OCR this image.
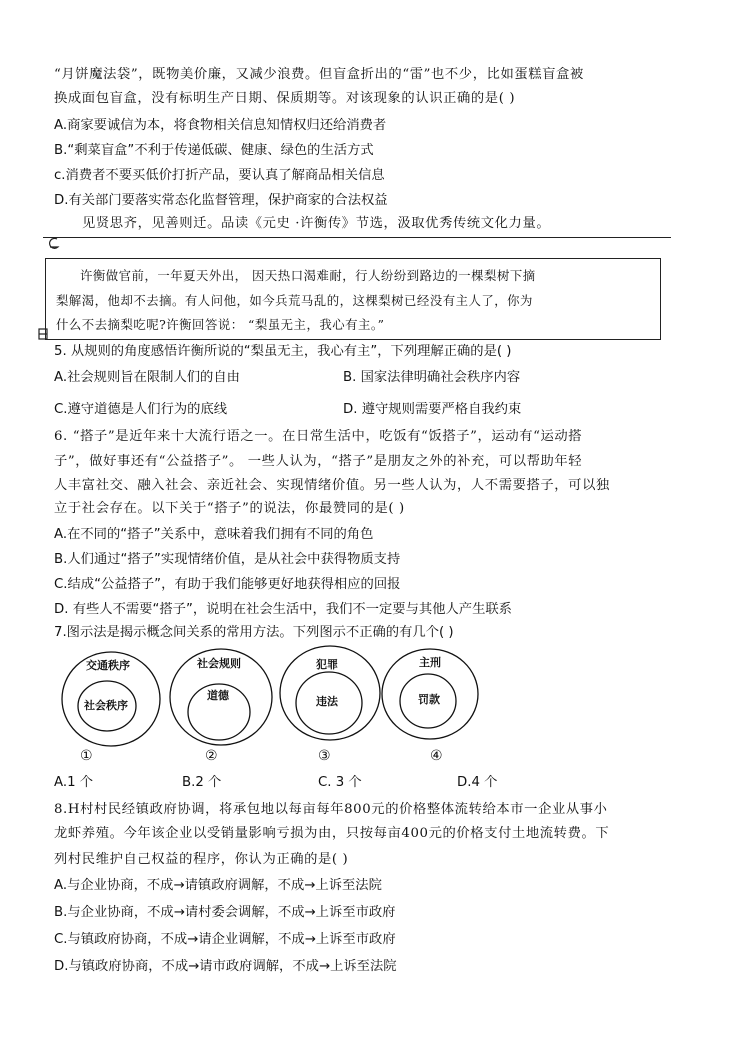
“月饼魔法袋”，既物美价廉，又减少浪费。但盲盒折出的“雷”也不少，比如蛋糕盲盒被
换成面包盲盒，没有标明生产日期、保质期等。对该现象的认识正确的是( )
A.商家要诚信为本，将食物相关信息知情权归还给消费者
B.“剩菜盲盒”不利于传递低碳、健康、绿色的生活方式
c.消费者不要买低价打折产品，要认真了解商品相关信息
D.有关部门要落实常态化监督管理，保护商家的合法权益
见贤思齐，见善则迁。品读《元史 ·许衡传》节选，汲取优秀传统文化力量。
许衡做官前，一年夏天外出， 因天热口渴难耐，行人纷纷到路边的一棵梨树下摘
梨解渴，他却不去摘。有人问他，如今兵荒马乱的，这棵梨树已经没有主人了，你为
什么不去摘梨吃呢?许衡回答说： “梨虽无主，我心有主。”
5. 从规则的角度感悟许衡所说的“梨虽无主，我心有主”，下列理解正确的是( )
A.社会规则旨在限制人们的自由	B. 国家法律明确社会秩序内容
C.遵守道德是人们行为的底线	D. 遵守规则需要严格自我约束
6. “搭子”是近年来十大流行语之一。在日常生活中，吃饭有“饭搭子”，运动有“运动搭
子”，做好事还有“公益搭子”。 一些人认为，“搭子”是朋友之外的补充，可以帮助年轻
人丰富社交、融入社会、亲近社会、实现情绪价值。另一些人认为，人不需要搭子，可以独
立于社会存在。以下关于“搭子”的说法，你最赞同的是( )
A.在不同的“搭子”关系中，意味着我们拥有不同的角色
B.人们通过“搭子”实现情绪价值，是从社会中获得物质支持
C.结成“公益搭子”，有助于我们能够更好地获得相应的回报
D. 有些人不需要“搭子”，说明在社会生活中，我们不一定要与其他人产生联系
7.图示法是揭示概念间关系的常用方法。下列图示不正确的有几个( )
交通秩序
社会秩序
社会规则
道德
犯罪
违法
主刑
罚款
①	②	③	④
A.1 个	B.2 个	C. 3 个	D.4 个
8.H村村民经镇政府协调，将承包地以每亩每年800元的价格整体流转给本市一企业从事小
龙虾养殖。今年该企业以受销量影响亏损为由，只按每亩400元的价格支付土地流转费。下
列村民维护自己权益的程序，你认为正确的是( )
A.与企业协商，不成→请镇政府调解，不成→上诉至法院
B.与企业协商，不成→请村委会调解，不成→上诉至市政府
C.与镇政府协商，不成→请企业调解，不成→上诉至市政府
D.与镇政府协商，不成→请市政府调解，不成→上诉至法院
